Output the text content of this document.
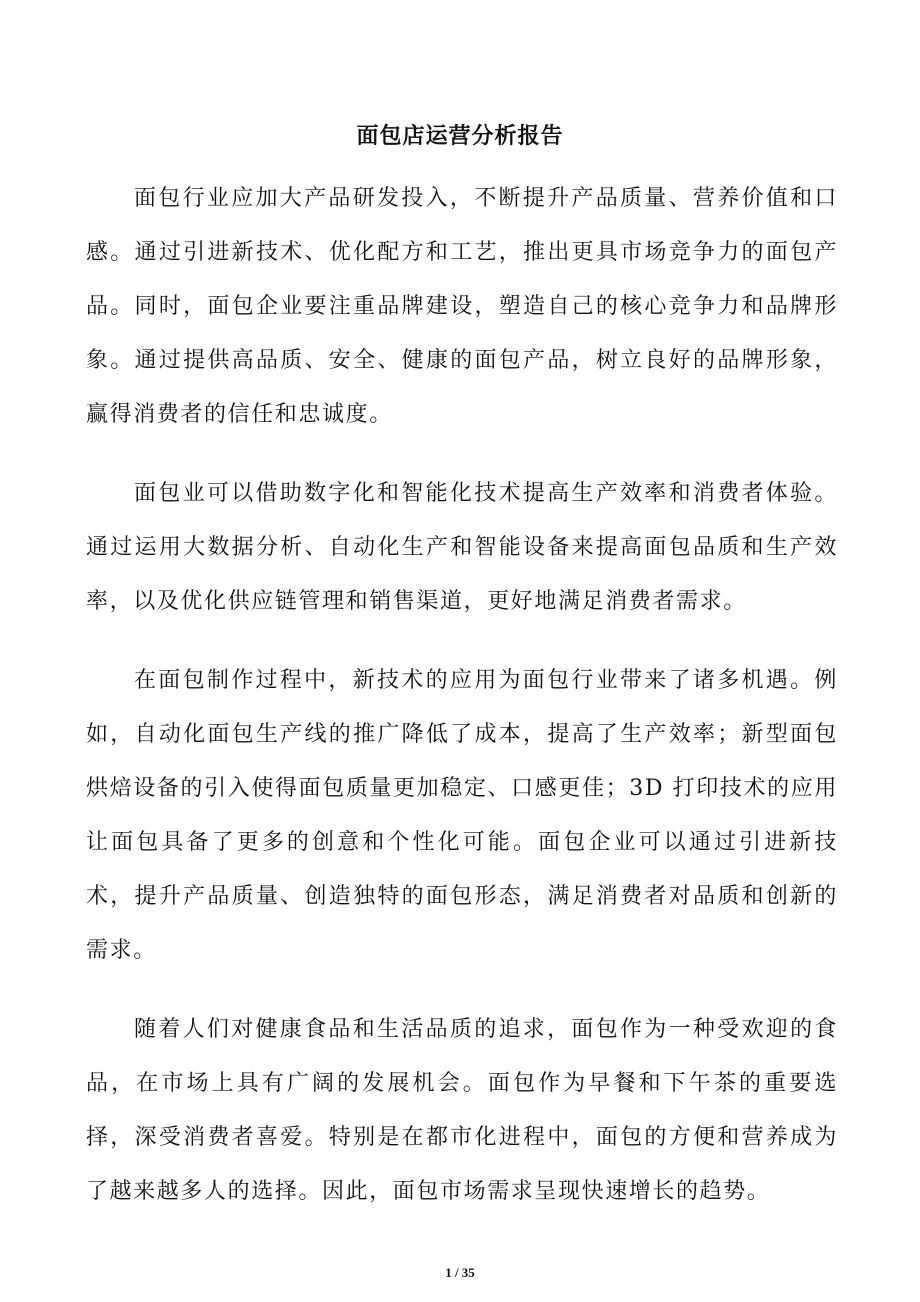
面包店运营分析报告

面包行业应加大产品研发投入，不断提升产品质量、营养价值和口感。通过引进新技术、优化配方和工艺，推出更具市场竞争力的面包产品。同时，面包企业要注重品牌建设，塑造自己的核心竞争力和品牌形象。通过提供高品质、安全、健康的面包产品，树立良好的品牌形象，赢得消费者的信任和忠诚度。

面包业可以借助数字化和智能化技术提高生产效率和消费者体验。通过运用大数据分析、自动化生产和智能设备来提高面包品质和生产效率，以及优化供应链管理和销售渠道，更好地满足消费者需求。

在面包制作过程中，新技术的应用为面包行业带来了诸多机遇。例如，自动化面包生产线的推广降低了成本，提高了生产效率；新型面包烘焙设备的引入使得面包质量更加稳定、口感更佳；3D 打印技术的应用让面包具备了更多的创意和个性化可能。面包企业可以通过引进新技术，提升产品质量、创造独特的面包形态，满足消费者对品质和创新的需求。

随着人们对健康食品和生活品质的追求，面包作为一种受欢迎的食品，在市场上具有广阔的发展机会。面包作为早餐和下午茶的重要选择，深受消费者喜爱。特别是在都市化进程中，面包的方便和营养成为了越来越多人的选择。因此，面包市场需求呈现快速增长的趋势。

1 / 35
